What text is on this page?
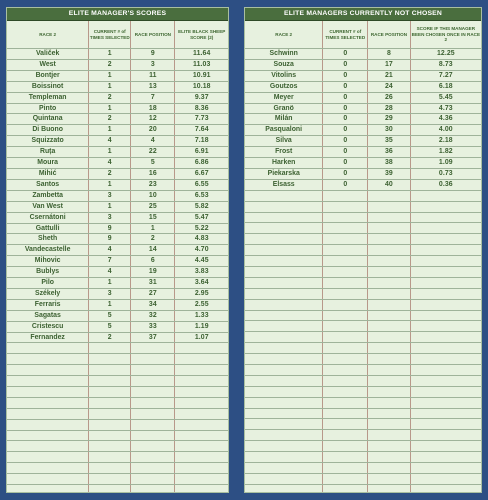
ELITE MANAGER'S SCORES
RACE 2	CURRENT # of TIMES SELECTED	RACE POSITION	ELITE BLACK SHEEP SCORE (2)
Valiček	1	9	11.64
West	2	3	11.03
Bontjer	1	11	10.91
Boissinot	1	13	10.18
Templeman	2	7	9.37
Pinto	1	18	8.36
Quintana	2	12	7.73
Di Buono	1	20	7.64
Squizzato	4	4	7.18
Ruța	1	22	6.91
Moura	4	5	6.86
Mihić	2	16	6.67
Santos	1	23	6.55
Zambetta	3	10	6.53
Van West	1	25	5.82
Csernátoni	3	15	5.47
Gattulli	9	1	5.22
Sheth	9	2	4.83
Vandecastelle	4	14	4.70
Mihovic	7	6	4.45
Bublys	4	19	3.83
Pilo	1	31	3.64
Székely	3	27	2.95
Ferraris	1	34	2.55
Sagatas	5	32	1.33
Cristescu	5	33	1.19
Fernandez	2	37	1.07

ELITE MANAGERS CURRENTLY NOT CHOSEN
RACE 2	CURRENT # of TIMES SELECTED	RACE POSITION	SCORE IF THIS MANAGER BEEN CHOSEN ONCE IN RACE 2
Schwinn	0	8	12.25
Souza	0	17	8.73
Vitolins	0	21	7.27
Goutzos	0	24	6.18
Meyer	0	26	5.45
Granö	0	28	4.73
Milán	0	29	4.36
Pasqualoni	0	30	4.00
Silva	0	35	2.18
Frost	0	36	1.82
Harken	0	38	1.09
Piekarska	0	39	0.73
Elsass	0	40	0.36
